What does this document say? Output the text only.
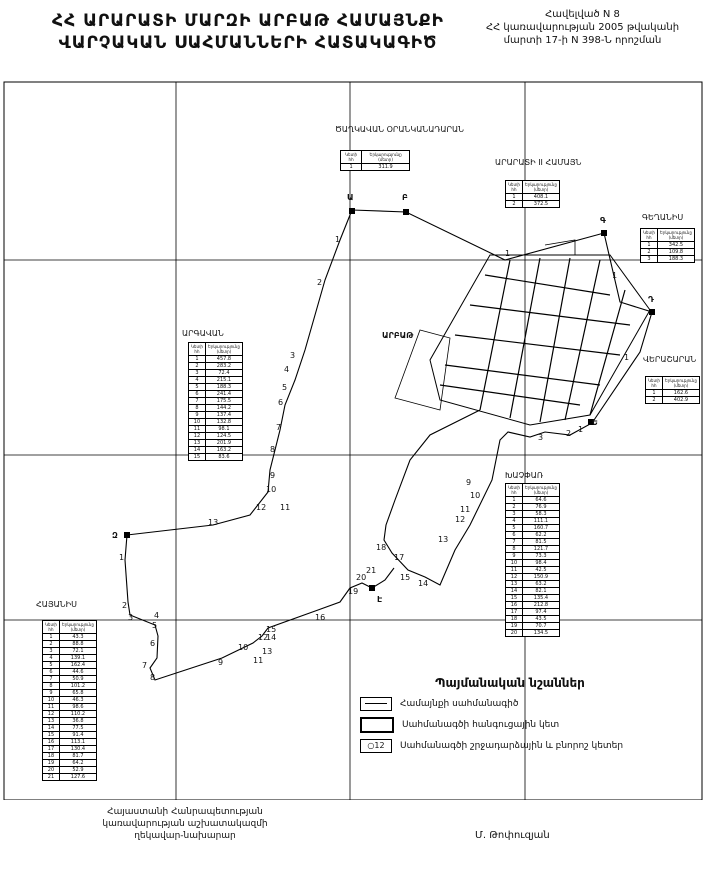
ՀՀ ԱՐԱՐԱՏԻ ՄԱՐԶԻ ԱՐԲԱԹ ՀԱՄԱՅՆՔԻ
ՎԱՐՉԱԿԱՆ ՍԱՀՄԱՆՆԵՐԻ ՀԱՏԱԿԱԳԻԾ
Հավելված N 8
ՀՀ կառավարության 2005 թվականի
մարտի 17-ի N 398-Ն որոշման
Ա	Բ
Գ
Դ
Ե
Զ
Է
1
2
3
4
5
6
7
8
9
10
11
12
13
13
14
15
16
17
18
19
20
21
1
1
1
3	2 1
10
11
12
9
10
11
9
8
7
6
5
4
2
1
3
12
13
14
15
ԱՐԲԱԹ
ԾԱՂԿԱՎԱՆ ՕՐԱՆԿԱՆԱԴԱՐԱՆ
ԱՐԱՐԱՏԻ II ՀԱՄԱՅՆ
ԳԵՂԱՆԻՍ
ՎԵՐԱՇԱՐԱՆ
ԱՐԳԱՎԱՆ
ԽԱՉՓԱՌ
ՀԱՅԱՆԻՍ
Կետի հհ	Երկարությունը (մետր)
1	311.9
Կետի հհ	Երկարությունը (մետր)
1	408.1
2	372.5
Կետի հհ	Երկարությունը (մետր)
1	342.5
2	109.8
3	188.3
Կետի հհ	Երկարությունը (մետր)
1	162.6
2	402.9
Կետի հհ	Երկարությունը (մետր)
1	457.8
2	283.2
3	72.4
4	215.1
5	188.3
6	241.4
7	175.5
8	144.2
9	137.4
10	132.8
11	98.1
12	124.5
13	201.9
14	163.2
15	83.6
Կետի հհ	Երկարությունը (մետր)
1	64.6
2	76.9
3	58.3
4	111.1
5	160.7
6	62.2
7	81.5
8	121.7
9	73.3
10	98.4
11	42.5
12	150.9
13	63.2
14	82.1
15	135.4
16	212.8
17	97.4
18	43.5
19	70.7
20	134.5
Կետի հհ	Երկարությունը (մետր)
1	43.3
2	88.8
3	72.1
4	139.1
5	162.4
6	44.6
7	50.9
8	101.2
9	65.8
10	46.3
11	98.6
12	110.2
13	36.8
14	77.5
15	91.4
16	113.1
17	130.4
18	81.7
19	64.2
20	52.9
21	127.6
Պայմանական նշաններ
Համայնքի սահմանագիծ
Սահմանագծի հանգուցային կետ
○12	Սահմանագծի շրջադարձային և բնորոշ կետեր
Հայաստանի Հանրապետության
կառավարության աշխատակազմի
ղեկավար-նախարար	Մ. Թոփուզյան
